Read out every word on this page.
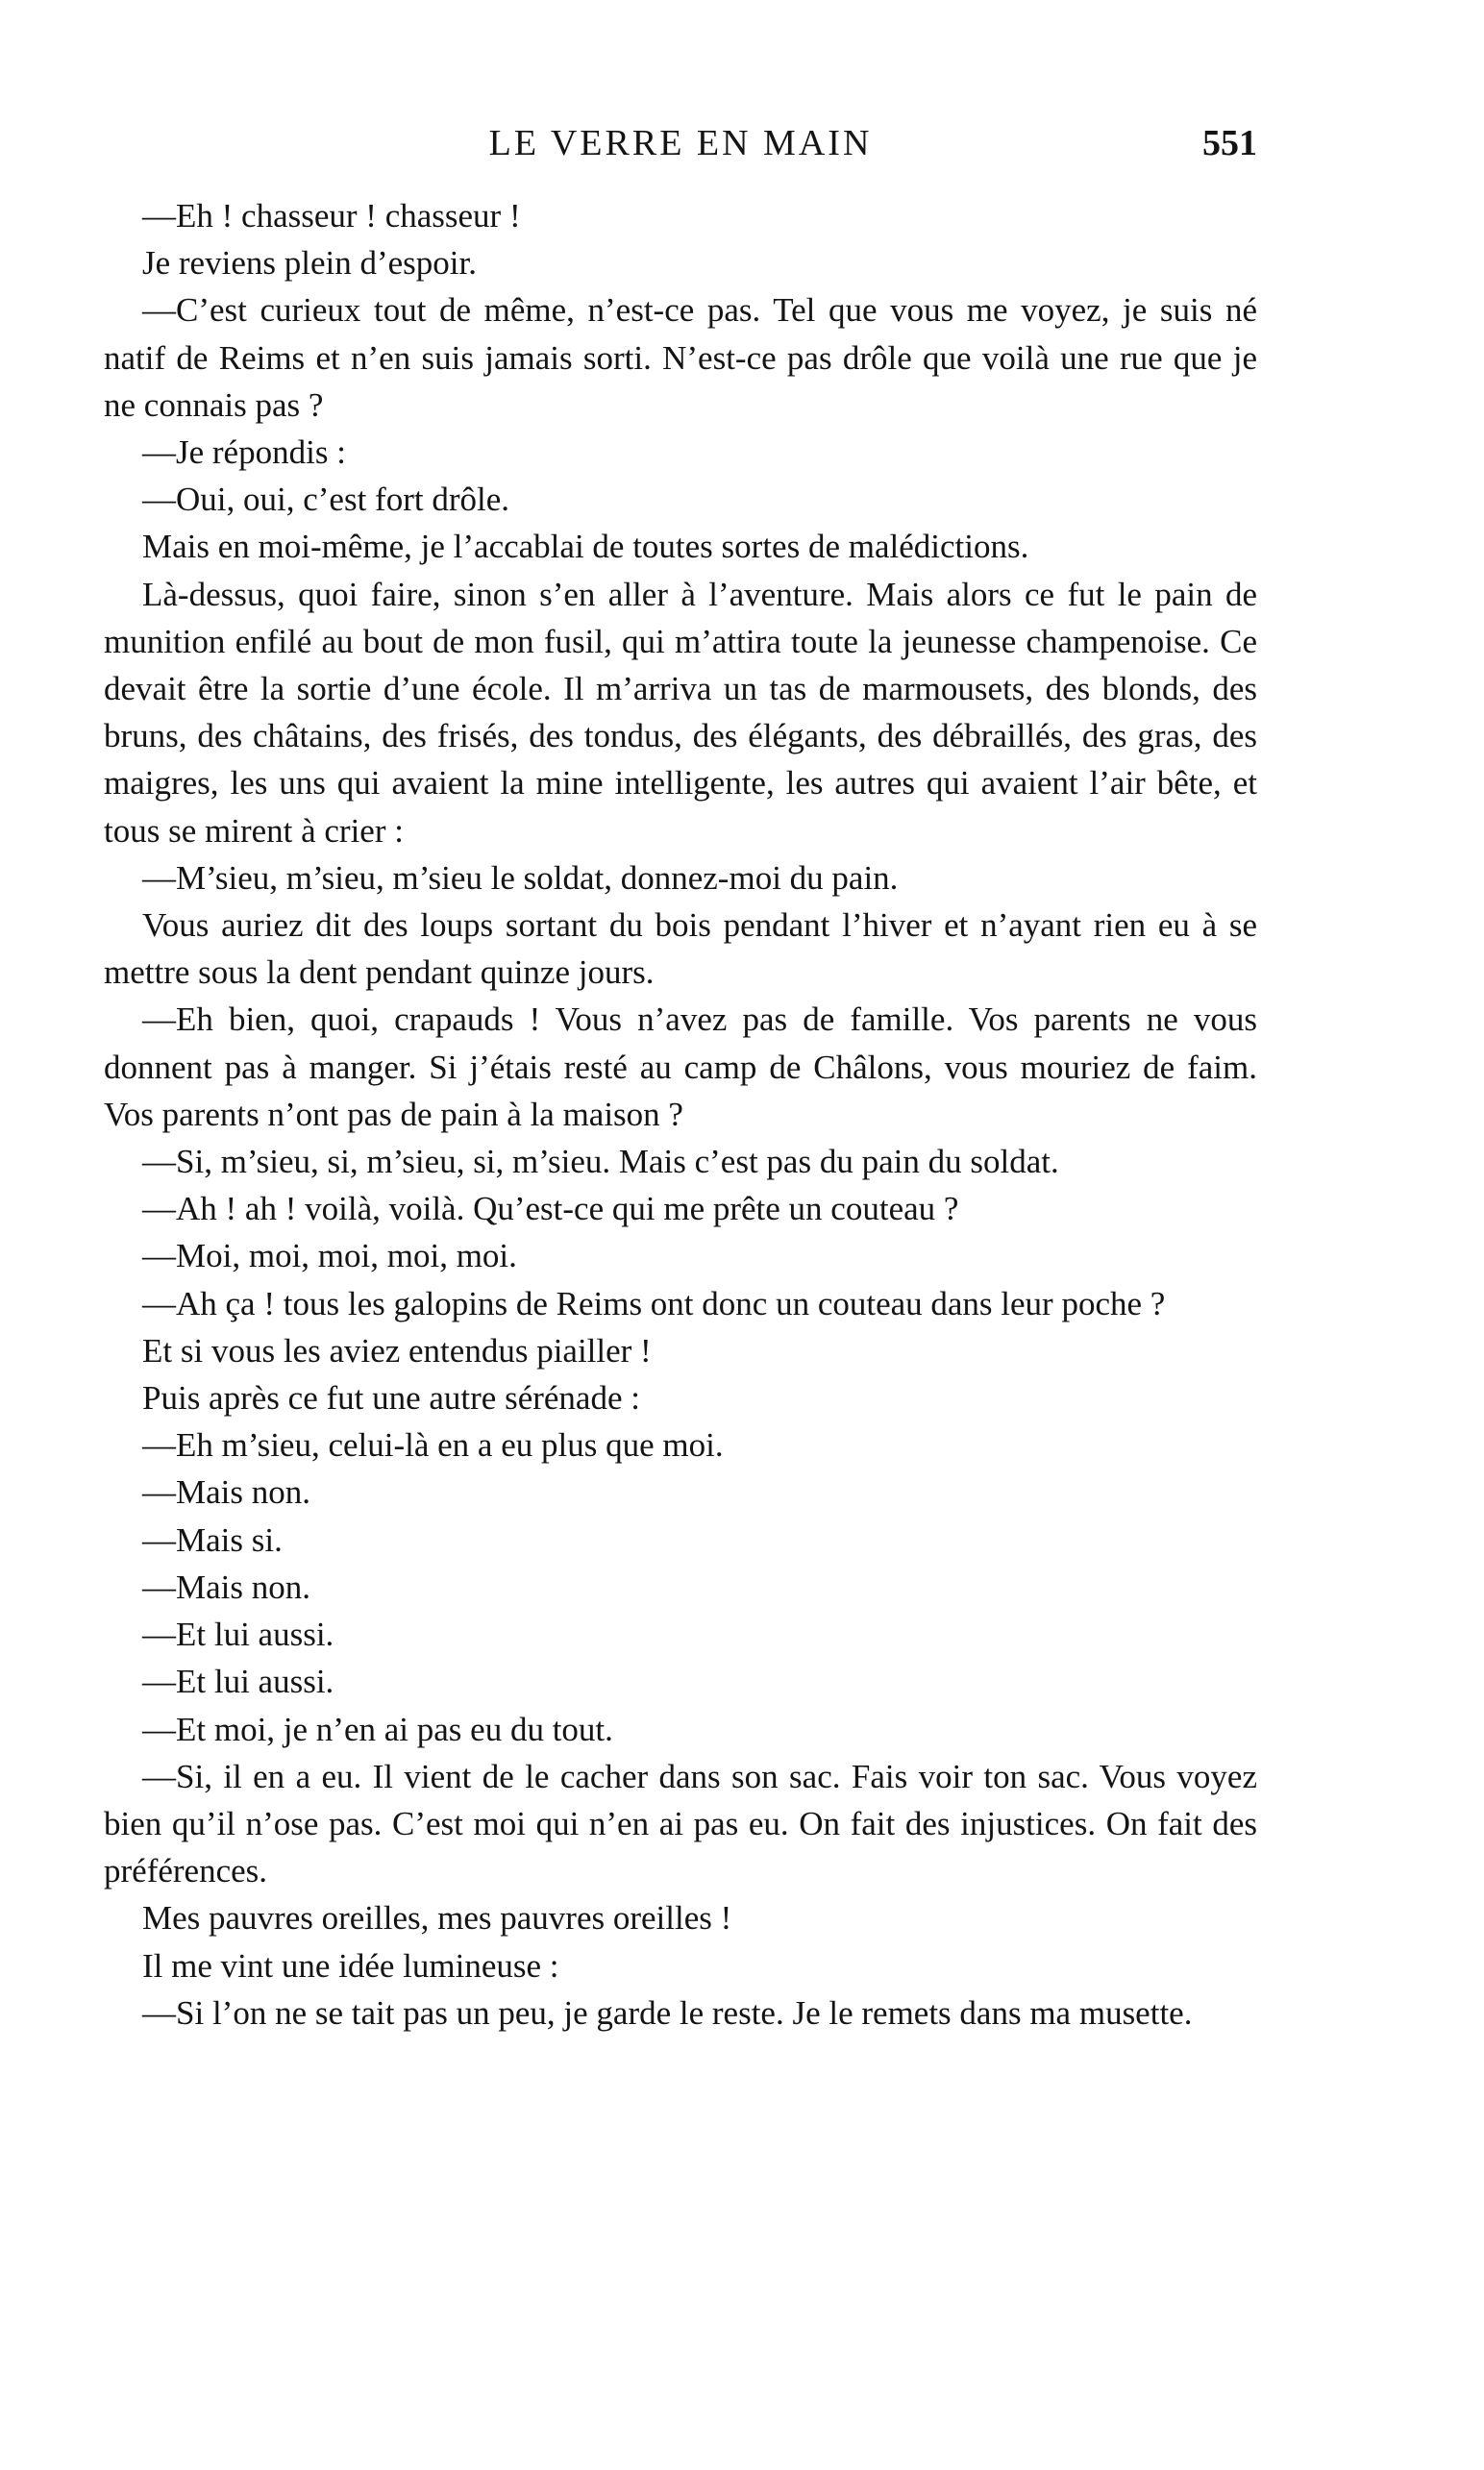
LE VERRE EN MAIN	551

—Eh ! chasseur ! chasseur !

Je reviens plein d’espoir.

—C’est curieux tout de même, n’est-ce pas. Tel que vous me voyez, je suis né natif de Reims et n’en suis jamais sorti. N’est-ce pas drôle que voilà une rue que je ne connais pas ?

—Je répondis :

—Oui, oui, c’est fort drôle.

Mais en moi-même, je l’accablai de toutes sortes de malédictions.

Là-dessus, quoi faire, sinon s’en aller à l’aventure. Mais alors ce fut le pain de munition enfilé au bout de mon fusil, qui m’attira toute la jeunesse champenoise. Ce devait être la sortie d’une école. Il m’arriva un tas de marmousets, des blonds, des bruns, des châtains, des frisés, des tondus, des élégants, des débraillés, des gras, des maigres, les uns qui avaient la mine intelligente, les autres qui avaient l’air bête, et tous se mirent à crier :

—M’sieu, m’sieu, m’sieu le soldat, donnez-moi du pain.

Vous auriez dit des loups sortant du bois pendant l’hiver et n’ayant rien eu à se mettre sous la dent pendant quinze jours.

—Eh bien, quoi, crapauds ! Vous n’avez pas de famille. Vos parents ne vous donnent pas à manger. Si j’étais resté au camp de Châlons, vous mouriez de faim. Vos parents n’ont pas de pain à la maison ?

—Si, m’sieu, si, m’sieu, si, m’sieu. Mais c’est pas du pain du soldat.

—Ah ! ah ! voilà, voilà. Qu’est-ce qui me prête un couteau ?

—Moi, moi, moi, moi, moi.

—Ah ça ! tous les galopins de Reims ont donc un couteau dans leur poche ?

Et si vous les aviez entendus piailler !

Puis après ce fut une autre sérénade :

—Eh m’sieu, celui-là en a eu plus que moi.

—Mais non.

—Mais si.

—Mais non.

—Et lui aussi.

—Et lui aussi.

—Et moi, je n’en ai pas eu du tout.

—Si, il en a eu. Il vient de le cacher dans son sac. Fais voir ton sac. Vous voyez bien qu’il n’ose pas. C’est moi qui n’en ai pas eu. On fait des injustices. On fait des préférences.

Mes pauvres oreilles, mes pauvres oreilles !

Il me vint une idée lumineuse :

—Si l’on ne se tait pas un peu, je garde le reste. Je le remets dans ma musette.
